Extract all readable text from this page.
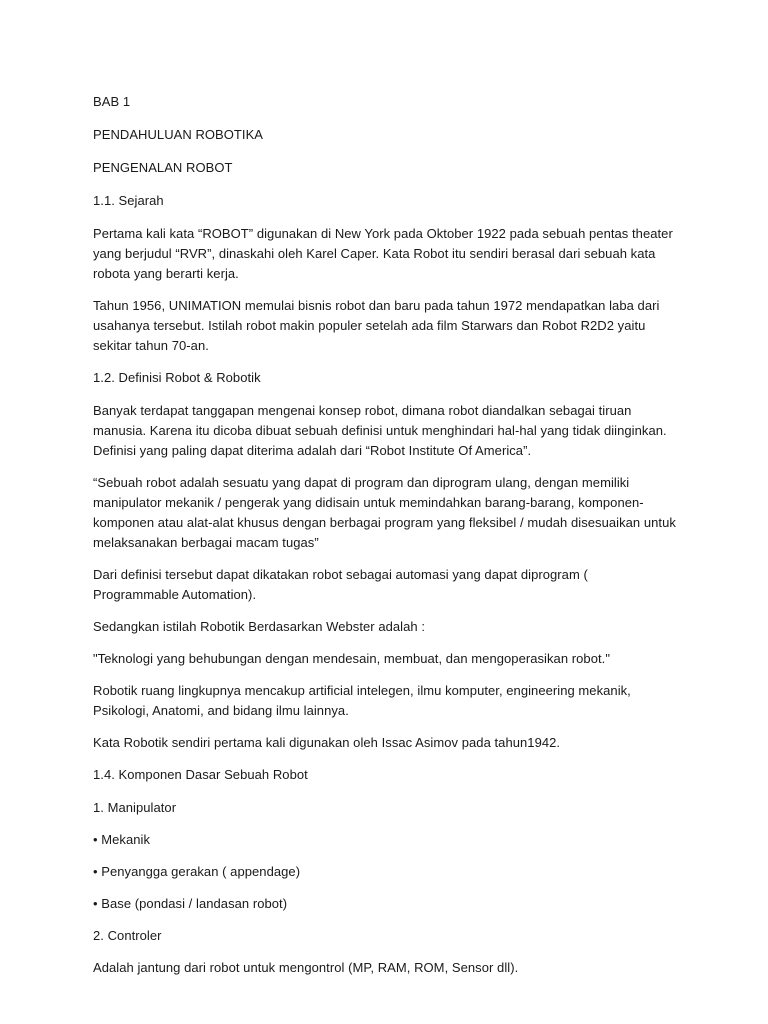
BAB 1

PENDAHULUAN ROBOTIKA

PENGENALAN ROBOT

1.1. Sejarah

Pertama kali kata “ROBOT” digunakan di New York pada Oktober 1922 pada sebuah pentas theater
yang berjudul “RVR”, dinaskahi oleh Karel Caper. Kata Robot itu sendiri berasal dari sebuah kata
robota yang berarti kerja.

Tahun 1956, UNIMATION memulai bisnis robot dan baru pada tahun 1972 mendapatkan laba dari
usahanya tersebut. Istilah robot makin populer setelah ada film Starwars dan Robot R2D2 yaitu
sekitar tahun 70-an.

1.2. Definisi Robot & Robotik

Banyak terdapat tanggapan mengenai konsep robot, dimana robot diandalkan sebagai tiruan
manusia. Karena itu dicoba dibuat sebuah definisi untuk menghindari hal-hal yang tidak diinginkan.
Definisi yang paling dapat diterima adalah dari “Robot Institute Of America”.

“Sebuah robot adalah sesuatu yang dapat di program dan diprogram ulang, dengan memiliki
manipulator mekanik / pengerak yang didisain untuk memindahkan barang-barang, komponen-
komponen atau alat-alat khusus dengan berbagai program yang fleksibel / mudah disesuaikan untuk
melaksanakan berbagai macam tugas”

Dari definisi tersebut dapat dikatakan robot sebagai automasi yang dapat diprogram (
Programmable Automation).

Sedangkan istilah Robotik Berdasarkan Webster adalah :

"Teknologi yang behubungan dengan mendesain, membuat, dan mengoperasikan robot."

Robotik ruang lingkupnya mencakup artificial intelegen, ilmu komputer, engineering mekanik,
Psikologi, Anatomi, and bidang ilmu lainnya.

Kata Robotik sendiri pertama kali digunakan oleh Issac Asimov pada tahun1942.

1.4. Komponen Dasar Sebuah Robot

1. Manipulator

• Mekanik

• Penyangga gerakan ( appendage)

• Base (pondasi / landasan robot)

2. Controler

Adalah jantung dari robot untuk mengontrol (MP, RAM, ROM, Sensor dll).
